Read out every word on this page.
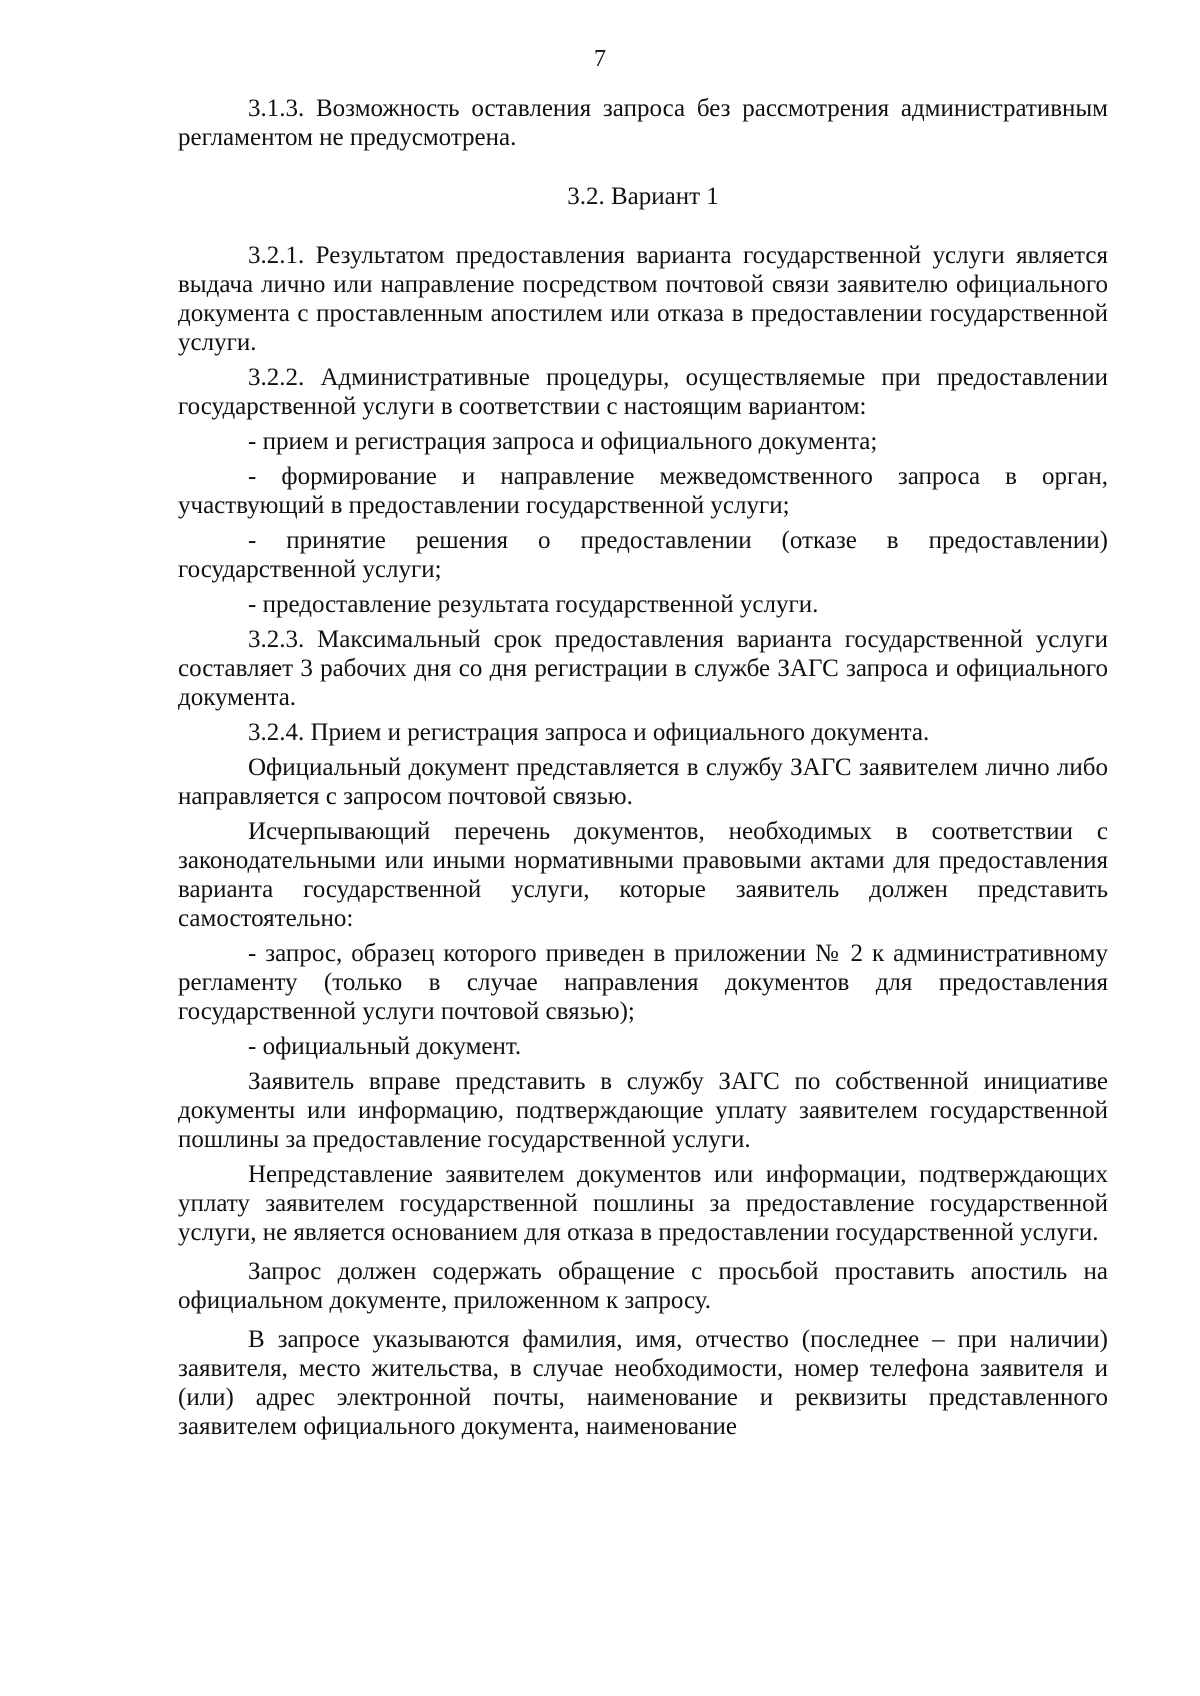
7

3.1.3. Возможность оставления запроса без рассмотрения административным регламентом не предусмотрена.

3.2. Вариант 1

3.2.1. Результатом предоставления варианта государственной услуги является выдача лично или направление посредством почтовой связи заявителю официального документа с проставленным апостилем или отказа в предоставлении государственной услуги.

3.2.2. Административные процедуры, осуществляемые при предоставлении государственной услуги в соответствии с настоящим вариантом:

- прием и регистрация запроса и официального документа;

- формирование и направление межведомственного запроса в орган, участвующий в предоставлении государственной услуги;

- принятие решения о предоставлении (отказе в предоставлении) государственной услуги;

- предоставление результата государственной услуги.

3.2.3. Максимальный срок предоставления варианта государственной услуги составляет 3 рабочих дня со дня регистрации в службе ЗАГС запроса и официального документа.

3.2.4. Прием и регистрация запроса и официального документа.

Официальный документ представляется в службу ЗАГС заявителем лично либо направляется с запросом почтовой связью.

Исчерпывающий перечень документов, необходимых в соответствии с законодательными или иными нормативными правовыми актами для предоставления варианта государственной услуги, которые заявитель должен представить самостоятельно:

- запрос, образец которого приведен в приложении № 2 к административному регламенту (только в случае направления документов для предоставления государственной услуги почтовой связью);

- официальный документ.

Заявитель вправе представить в службу ЗАГС по собственной инициативе документы или информацию, подтверждающие уплату заявителем государственной пошлины за предоставление государственной услуги.

Непредставление заявителем документов или информации, подтверждающих уплату заявителем государственной пошлины за предоставление государственной услуги, не является основанием для отказа в предоставлении государственной услуги.

Запрос должен содержать обращение с просьбой проставить апостиль на официальном документе, приложенном к запросу.

В запросе указываются фамилия, имя, отчество (последнее – при наличии) заявителя, место жительства, в случае необходимости, номер телефона заявителя и (или) адрес электронной почты, наименование и реквизиты представленного заявителем официального документа, наименование
